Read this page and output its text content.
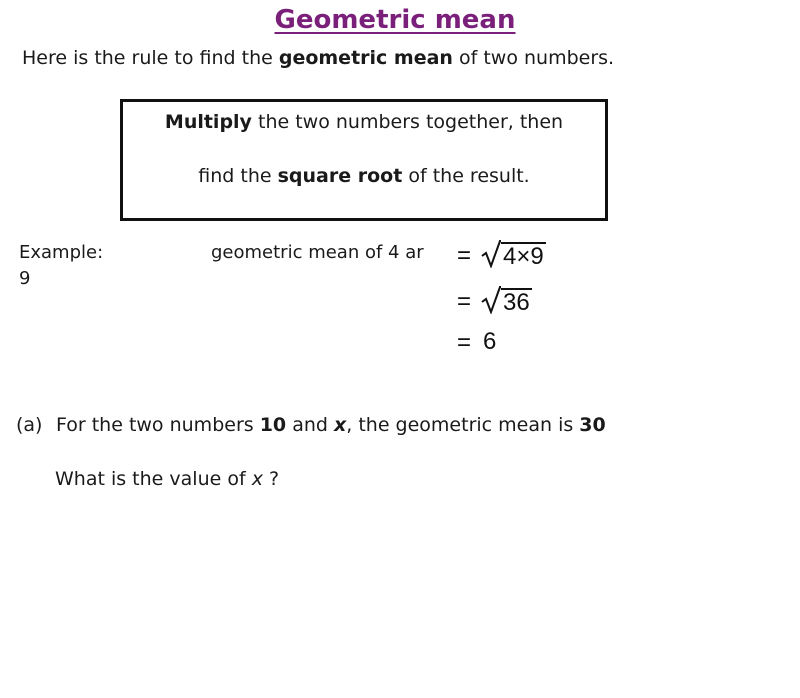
Geometric mean
Here is the rule to find the geometric mean of two numbers.
Multiply the two numbers together, then
find the square root of the result.
Example:
9
geometric mean of 4 ar	= 4×9
= 36
= 6
(a) For the two numbers 10 and x, the geometric mean is 30
What is the value of x ?
